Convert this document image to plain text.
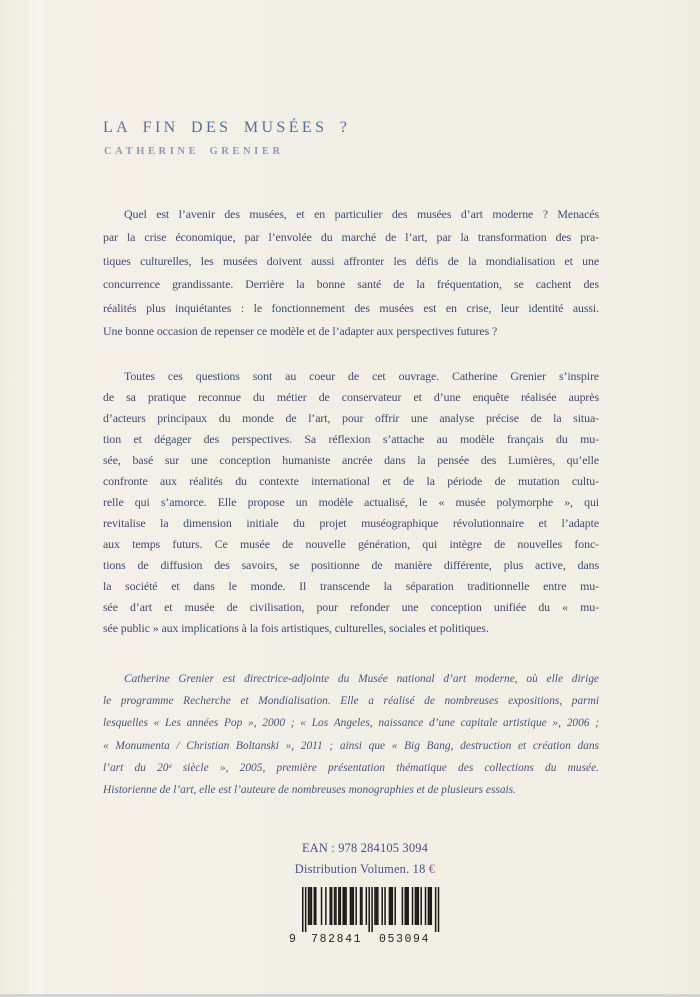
LA FIN DES MUSÉES ?
CATHERINE GRENIER
Quel est l’avenir des musées, et en particulier des musées d’art moderne ? Menacés
par la crise économique, par l’envolée du marché de l’art, par la transformation des pra-
tiques culturelles, les musées doivent aussi affronter les défis de la mondialisation et une
concurrence grandissante. Derrière la bonne santé de la fréquentation, se cachent des
réalités plus inquiétantes : le fonctionnement des musées est en crise, leur identité aussi.
Une bonne occasion de repenser ce modèle et de l’adapter aux perspectives futures ?
Toutes ces questions sont au coeur de cet ouvrage. Catherine Grenier s’inspire
de sa pratique reconnue du métier de conservateur et d’une enquête réalisée auprès
d’acteurs principaux du monde de l’art, pour offrir une analyse précise de la situa-
tion et dégager des perspectives. Sa réflexion s’attache au modèle français du mu-
sée, basé sur une conception humaniste ancrée dans la pensée des Lumières, qu’elle
confronte aux réalités du contexte international et de la période de mutation cultu-
relle qui s’amorce. Elle propose un modèle actualisé, le « musée polymorphe », qui
revitalise la dimension initiale du projet muséographique révolutionnaire et l’adapte
aux temps futurs. Ce musée de nouvelle génération, qui intègre de nouvelles fonc-
tions de diffusion des savoirs, se positionne de manière différente, plus active, dans
la société et dans le monde. Il transcende la séparation traditionnelle entre mu-
sée d’art et musée de civilisation, pour refonder une conception unifiée du « mu-
sée public » aux implications à la fois artistiques, culturelles, sociales et politiques.
Catherine Grenier est directrice-adjointe du Musée national d’art moderne, où elle dirige
le programme Recherche et Mondialisation. Elle a réalisé de nombreuses expositions, parmi
lesquelles « Les années Pop », 2000 ; « Los Angeles, naissance d’une capitale artistique », 2006 ;
« Monumenta / Christian Boltanski », 2011 ; ainsi que « Big Bang, destruction et création dans
l’art du 20ᵉ siècle », 2005, première présentation thématique des collections du musée.
Historienne de l’art, elle est l’auteure de nombreuses monographies et de plusieurs essais.
EAN : 978 284105 3094
Distribution Volumen. 18 €
9 782841 053094
